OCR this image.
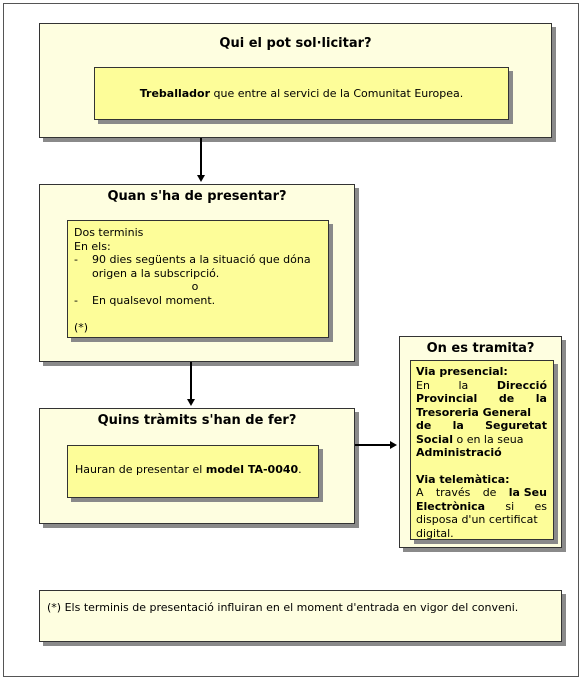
Qui el pot sol·licitar?
Treballador que entre al servici de la Comunitat Europea.
Quan s'ha de presentar?
Dos terminis
En els:
- 90 dies següents a la situació que dóna
origen a la subscripció.
o
- En qualsevol moment.
(*)
Quins tràmits s'han de fer?
Hauran de presentar el model TA-0040.
On es tramita?
Via presencial:
En	la	Direcció
Provincial de la
Tresoreria General
de la Seguretat
Social o en la seua
Administració
Via telemàtica:
A través de la Seu
Electrònica si es
disposa d'un certificat
digital.
(*) Els terminis de presentació influiran en el moment d'entrada en vigor del conveni.
